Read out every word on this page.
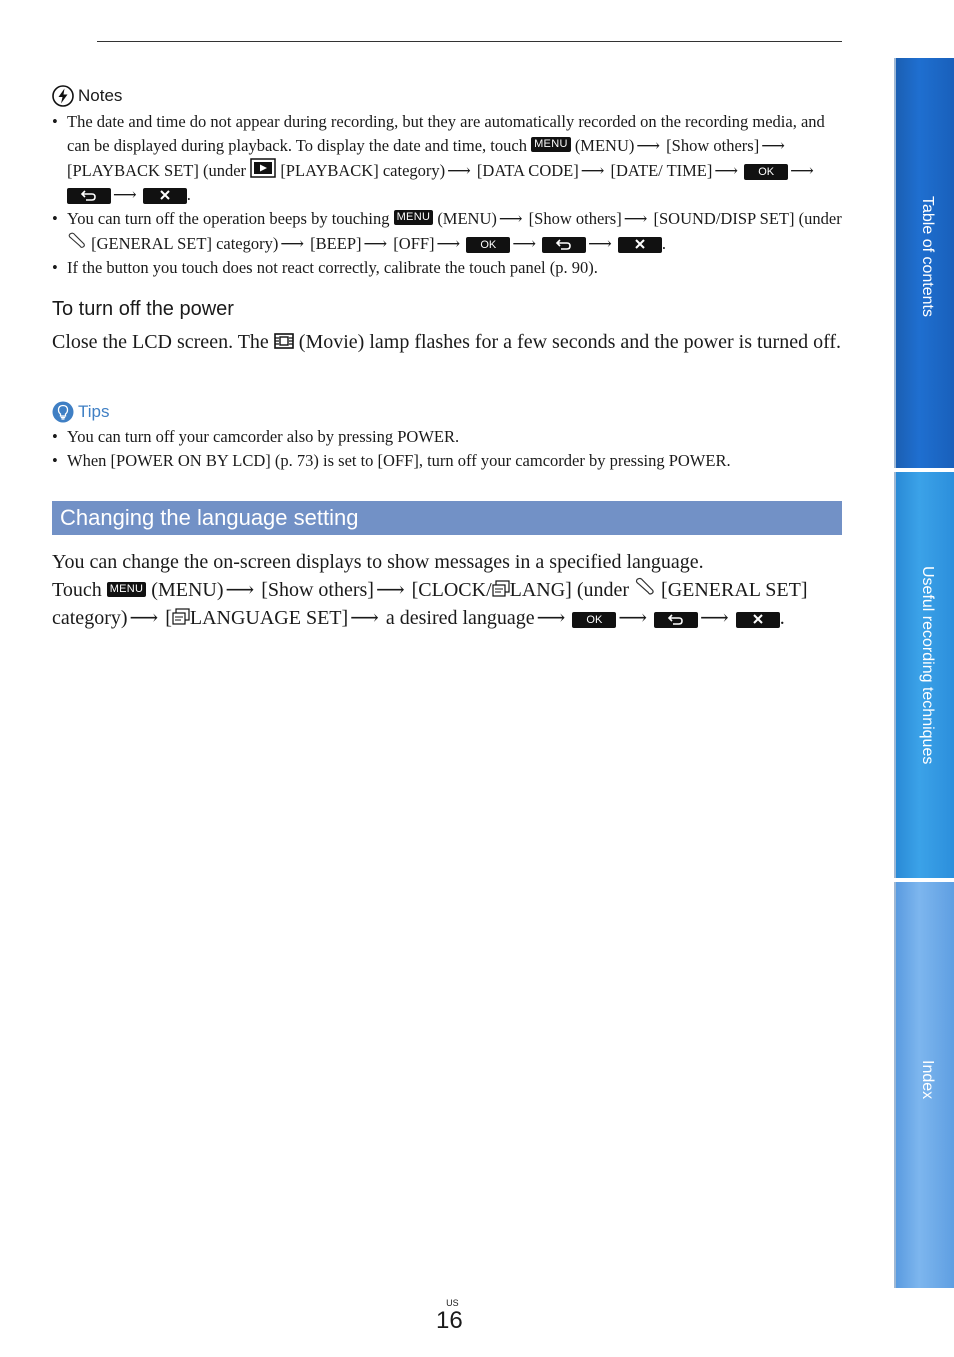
Notes
• The date and time do not appear during recording, but they are automatically recorded on the recording media, and can be displayed during playback. To display the date and time, touch MENU (MENU) ⟶ [Show others] ⟶ [PLAYBACK SET] (under [PLAYBACK] category) ⟶ [DATA CODE] ⟶ [DATE/ TIME] ⟶ OK ⟶ ⟶	.
• You can turn off the operation beeps by touching MENU (MENU) ⟶ [Show others] ⟶ [SOUND/DISP SET] (under  [GENERAL SET] category) ⟶ [BEEP] ⟶ [OFF] ⟶ OK ⟶	⟶	.
• If the button you touch does not react correctly, calibrate the touch panel (p. 90).
To turn off the power
Close the LCD screen. The (Movie) lamp flashes for a few seconds and the power is turned off.
Tips
• You can turn off your camcorder also by pressing POWER.
• When [POWER ON BY LCD] (p. 73) is set to [OFF], turn off your camcorder by pressing POWER.
Changing the language setting
You can change the on-screen displays to show messages in a specified language.
Touch MENU (MENU) ⟶ [Show others] ⟶ [CLOCK/ LANG] (under [GENERAL SET] category) ⟶ [ LANGUAGE SET] ⟶ a desired language ⟶ OK ⟶	⟶	.
US
16
Table of contents
Useful recording techniques
Index
